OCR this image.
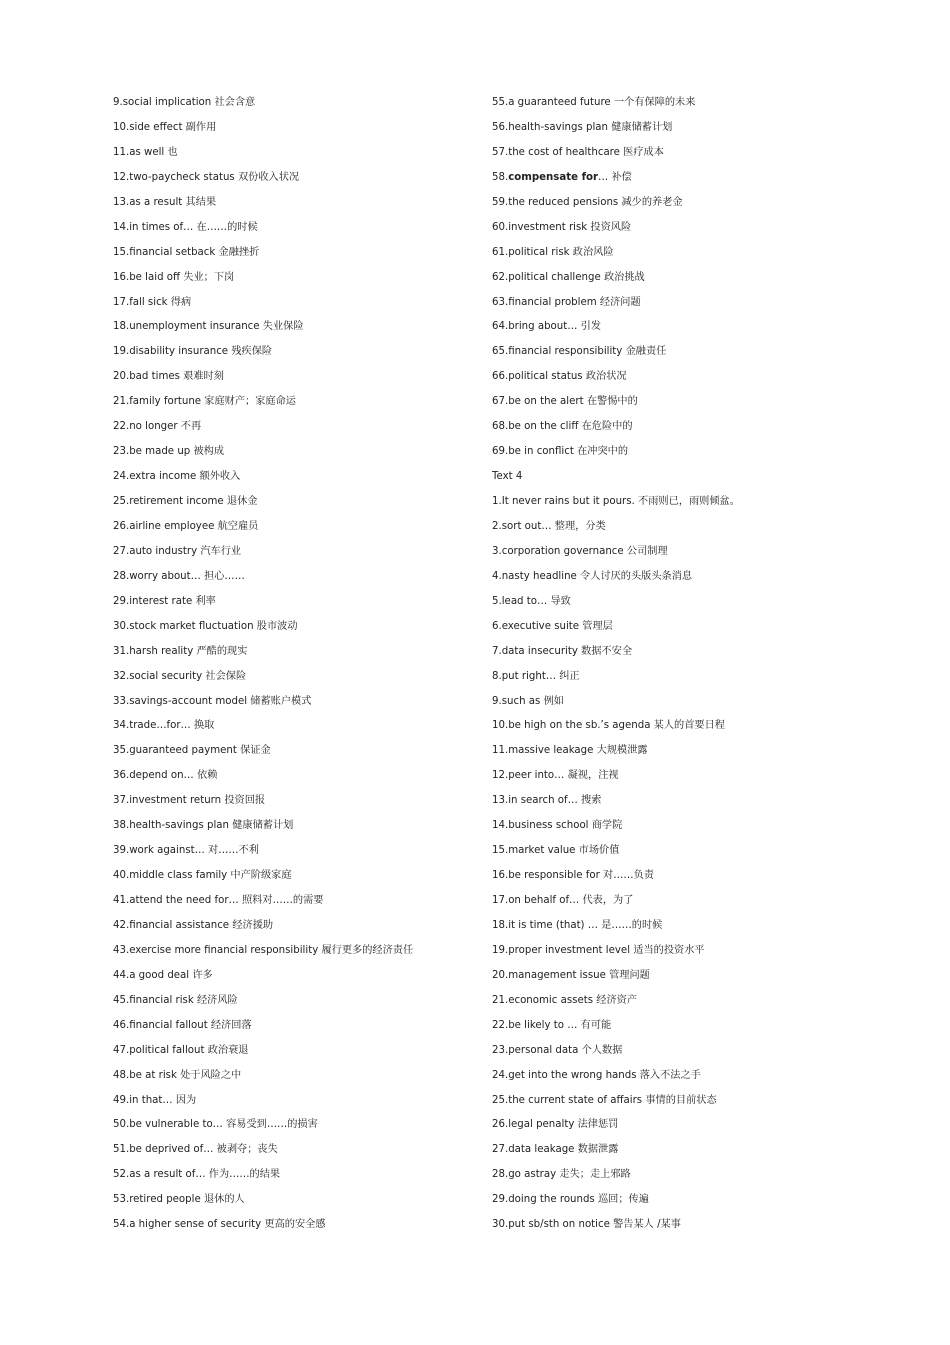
9.social implication 社会含意
10.side effect 副作用
11.as well 也
12.two-paycheck status 双份收入状况
13.as a result 其结果
14.in times of… 在……的时候
15.financial setback 金融挫折
16.be laid off 失业；下岗
17.fall sick 得病
18.unemployment insurance 失业保险
19.disability insurance 残疾保险
20.bad times 艰难时刻
21.family fortune 家庭财产；家庭命运
22.no longer 不再
23.be made up 被构成
24.extra income 额外收入
25.retirement income 退休金
26.airline employee 航空雇员
27.auto industry 汽车行业
28.worry about… 担心……
29.interest rate 利率
30.stock market fluctuation 股市波动
31.harsh reality 严酷的现实
32.social security 社会保险
33.savings-account model 储蓄账户模式
34.trade…for… 换取
35.guaranteed payment 保证金
36.depend on… 依赖
37.investment return 投资回报
38.health-savings plan 健康储蓄计划
39.work against… 对……不利
40.middle class family 中产阶级家庭
41.attend the need for… 照料对……的需要
42.financial assistance 经济援助
43.exercise more financial responsibility 履行更多的经济责任
44.a good deal 许多
45.financial risk 经济风险
46.financial fallout 经济回落
47.political fallout 政治衰退
48.be at risk 处于风险之中
49.in that… 因为
50.be vulnerable to… 容易受到……的损害
51.be deprived of… 被剥夺；丧失
52.as a result of… 作为……的结果
53.retired people 退休的人
54.a higher sense of security 更高的安全感
55.a guaranteed future 一个有保障的未来
56.health-savings plan 健康储蓄计划
57.the cost of healthcare 医疗成本
58.compensate for… 补偿
59.the reduced pensions 减少的养老金
60.investment risk 投资风险
61.political risk 政治风险
62.political challenge 政治挑战
63.financial problem 经济问题
64.bring about… 引发
65.financial responsibility 金融责任
66.political status 政治状况
67.be on the alert 在警惕中的
68.be on the cliff 在危险中的
69.be in conflict 在冲突中的
Text 4
1.It never rains but it pours. 不雨则已，雨则倾盆。
2.sort out… 整理，分类
3.corporation governance 公司制理
4.nasty headline 令人讨厌的头版头条消息
5.lead to… 导致
6.executive suite 管理层
7.data insecurity 数据不安全
8.put right… 纠正
9.such as 例如
10.be high on the sb.’s agenda 某人的首要日程
11.massive leakage 大规模泄露
12.peer into… 凝视，注视
13.in search of… 搜索
14.business school 商学院
15.market value 市场价值
16.be responsible for 对……负责
17.on behalf of… 代表，为了
18.it is time (that) … 是……的时候
19.proper investment level 适当的投资水平
20.management issue 管理问题
21.economic assets 经济资产
22.be likely to … 有可能
23.personal data 个人数据
24.get into the wrong hands 落入不法之手
25.the current state of affairs 事情的目前状态
26.legal penalty 法律惩罚
27.data leakage 数据泄露
28.go astray 走失；走上邪路
29.doing the rounds 巡回；传遍
30.put sb/sth on notice 警告某人 /某事
